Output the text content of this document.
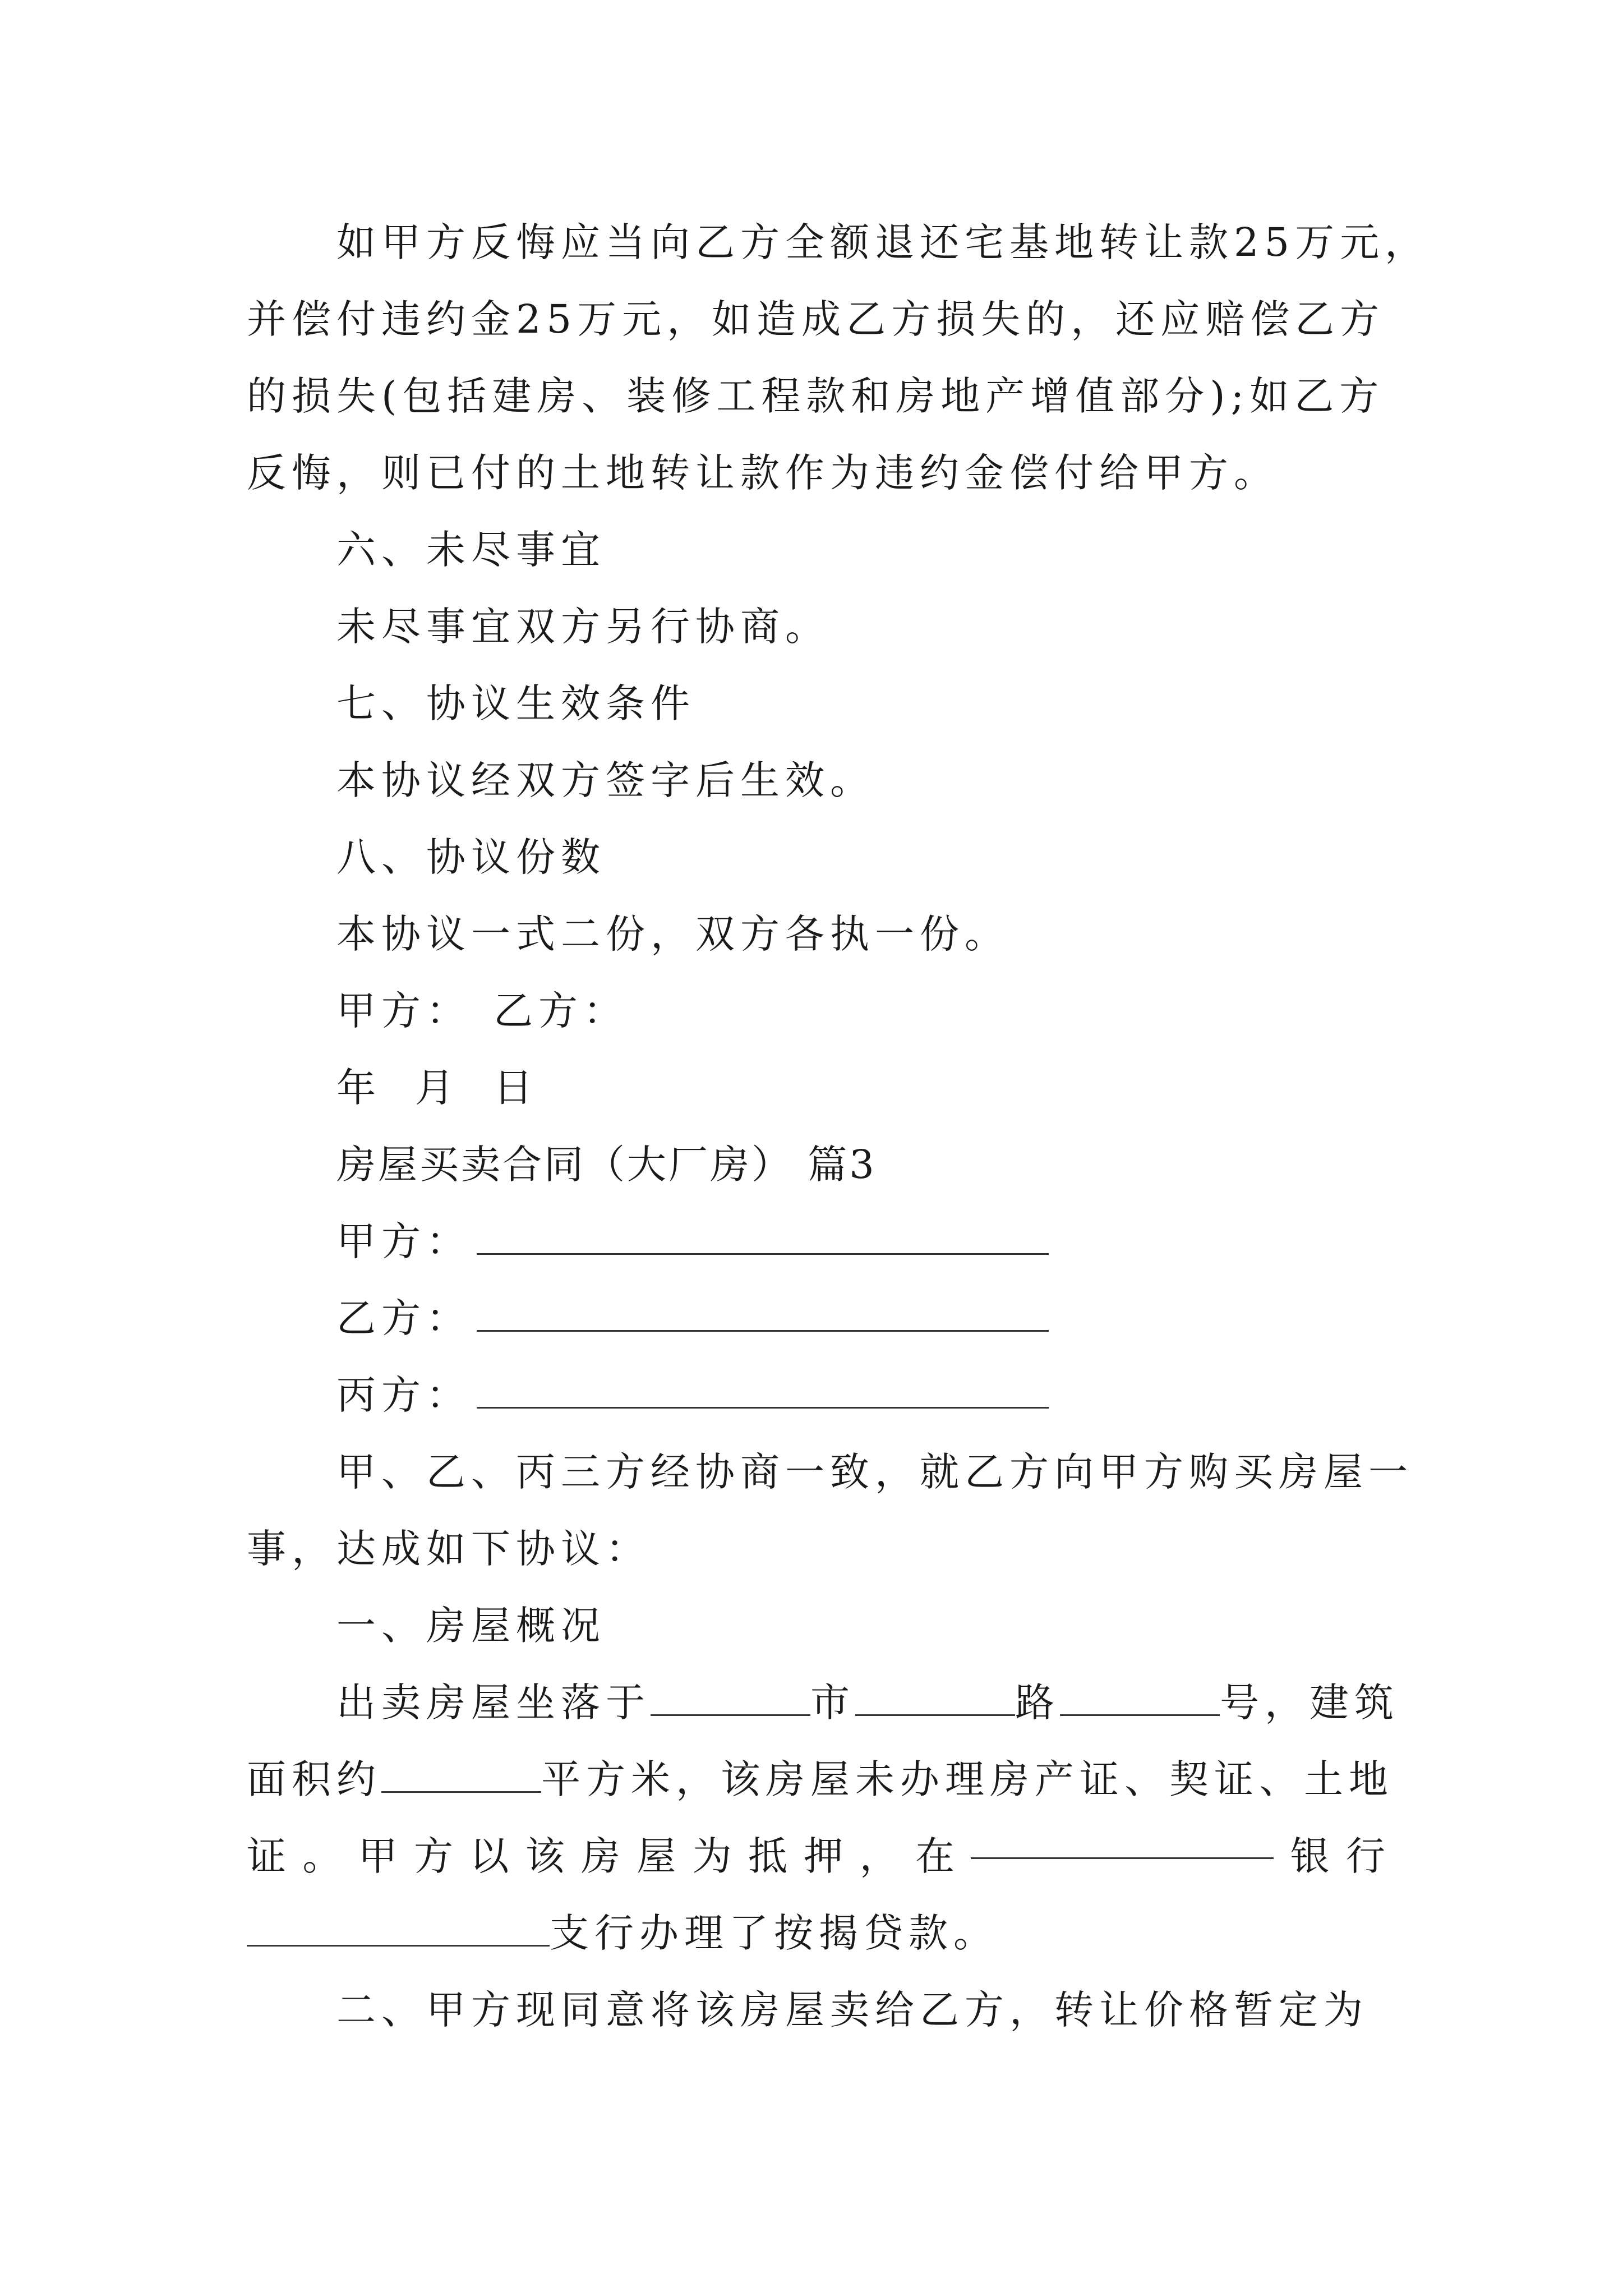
如甲方反悔应当向乙方全额退还宅基地转让款25万元，
并偿付违约金25万元，如造成乙方损失的，还应赔偿乙方
的损失(包括建房、装修工程款和房地产增值部分);如乙方
反悔，则已付的土地转让款作为违约金偿付给甲方。
六、未尽事宜
未尽事宜双方另行协商。
七、协议生效条件
本协议经双方签字后生效。
八、协议份数
本协议一式二份，双方各执一份。
甲方： 乙方：
年 月 日
房屋买卖合同（大厂房） 篇3
甲方：
乙方：
丙方：
甲、乙、丙三方经协商一致，就乙方向甲方购买房屋一
事，达成如下协议：
一、房屋概况
出卖房屋坐落于	市	路	号，建筑
面积约	平方米，该房屋未办理房产证、契证、土地
证 。 甲 方 以 该 房 屋 为 抵 押 ， 在	银 行
支行办理了按揭贷款。
二、甲方现同意将该房屋卖给乙方，转让价格暂定为
